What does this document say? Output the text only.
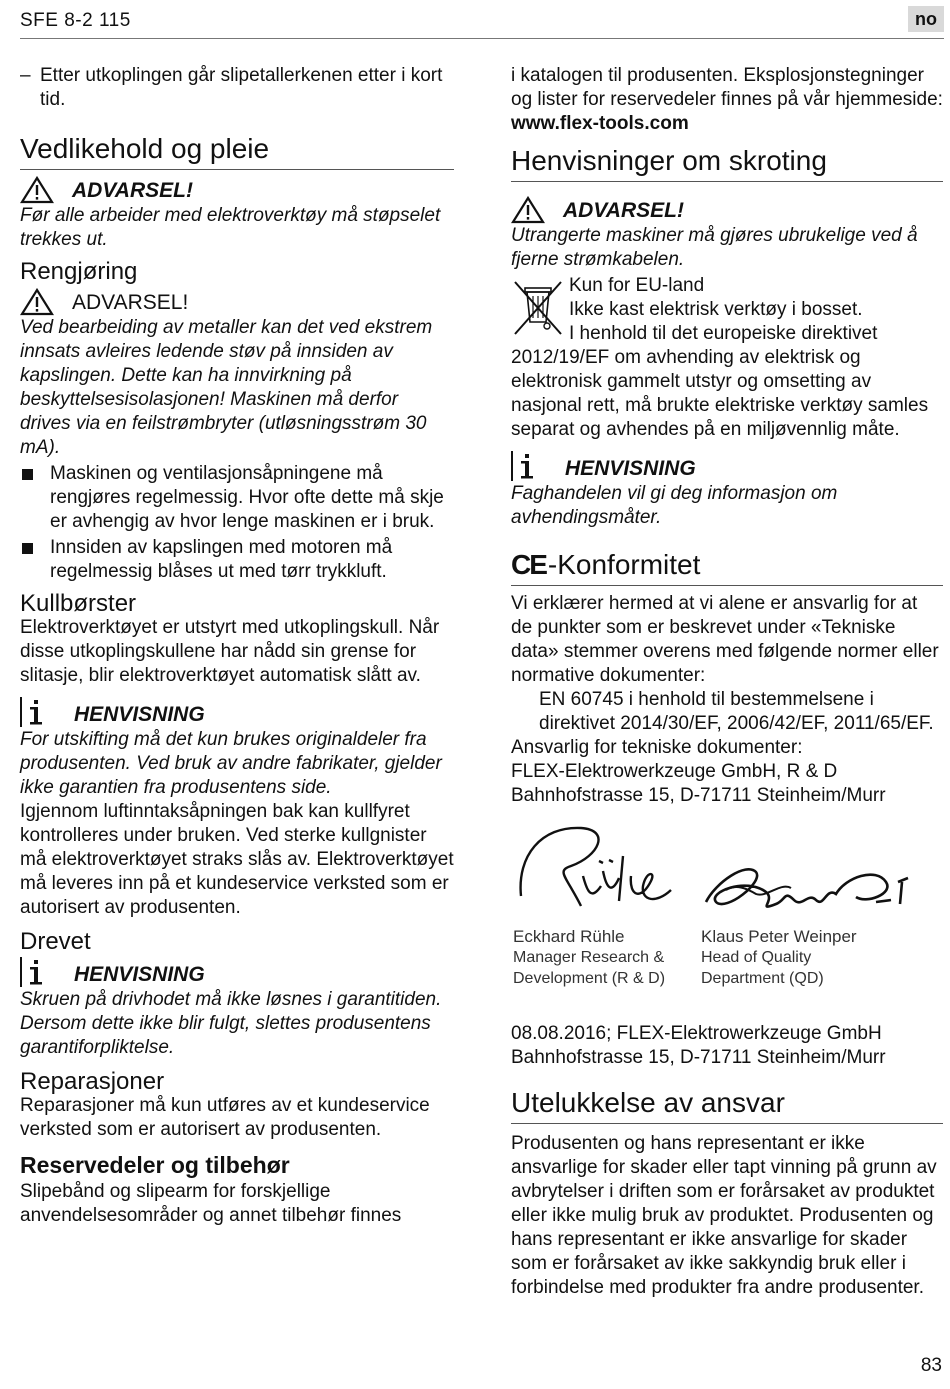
SFE 8-2 115	no
– Etter utkoplingen går slipetallerkenen etter i kort tid.
Vedlikehold og pleie
ADVARSEL!

Før alle arbeider med elektroverktøy må støpselet trekkes ut.

Rengjøring
ADVARSEL!

Ved bearbeiding av metaller kan det ved ekstrem innsats avleires ledende støv på innsiden av kapslingen. Dette kan ha innvirkning på beskyttelsesisolasjonen! Maskinen må derfor drives via en feilstrømbryter (utløsningsstrøm 30 mA).

Maskinen og ventilasjonsåpningene må rengjøres regelmessig. Hvor ofte dette må skje er avhengig av hvor lenge maskinen er i bruk.
Innsiden av kapslingen med motoren må regelmessig blåses ut med tørr trykkluft.
Kullbørster

Elektroverktøyet er utstyrt med utkoplingskull. Når disse utkoplingskullene har nådd sin grense for slitasje, blir elektroverktøyet automatisk slått av.

HENVISNING

For utskifting må det kun brukes originaldeler fra produsenten. Ved bruk av andre fabrikater, gjelder ikke garantien fra produsentens side.

Igjennom luftinntaksåpningen bak kan kullfyret kontrolleres under bruken. Ved sterke kullgnister må elektroverktøyet straks slås av. Elektroverktøyet må leveres inn på et kundeservice verksted som er autorisert av produsenten.

Drevet
HENVISNING

Skruen på drivhodet må ikke løsnes i garantitiden. Dersom dette ikke blir fulgt, slettes produsentens garantiforpliktelse.

Reparasjoner

Reparasjoner må kun utføres av et kundeservice verksted som er autorisert av produsenten.

Reservedeler og tilbehør

Slipebånd og slipearm for forskjellige anvendelsesområder og annet tilbehør finnes

i katalogen til produsenten. Eksplosjonstegninger og lister for reservedeler finnes på vår hjemmeside: www.flex-tools.com

Henvisninger om skroting
ADVARSEL!

Utrangerte maskiner må gjøres ubrukelige ved å fjerne strømkabelen.

Kun for EU-land

Ikke kast elektrisk verktøy i bosset.

I henhold til det europeiske direktivet

2012/19/EF om avhending av elektrisk og elektronisk gammelt utstyr og omsetting av nasjonal rett, må brukte elektriske verktøy samles separat og avhendes på en miljøvennlig måte.

HENVISNING

Faghandelen vil gi deg informasjon om avhendingsmåter.

CE-Konformitet

Vi erklærer hermed at vi alene er ansvarlig for at de punkter som er beskrevet under «Tekniske data» stemmer overens med følgende normer eller normative dokumenter:

EN 60745 i henhold til bestemmelsene i direktivet 2014/30/EF, 2006/42/EF, 2011/65/EF.

Ansvarlig for tekniske dokumenter:

FLEX-Elektrowerkzeuge GmbH, R & D

Bahnhofstrasse 15, D-71711 Steinheim/Murr

Eckhard Rühle
Manager Research &
Development (R & D)
Klaus Peter Weinper
Head of Quality
Department (QD)

08.08.2016; FLEX-Elektrowerkzeuge GmbH

Bahnhofstrasse 15, D-71711 Steinheim/Murr

Utelukkelse av ansvar

Produsenten og hans representant er ikke ansvarlige for skader eller tapt vinning på grunn av avbrytelser i driften som er forårsaket av produktet eller ikke mulig bruk av produktet. Produsenten og hans representant er ikke ansvarlige for skader som er forårsaket av ikke sakkyndig bruk eller i forbindelse med produkter fra andre produsenter.

83
